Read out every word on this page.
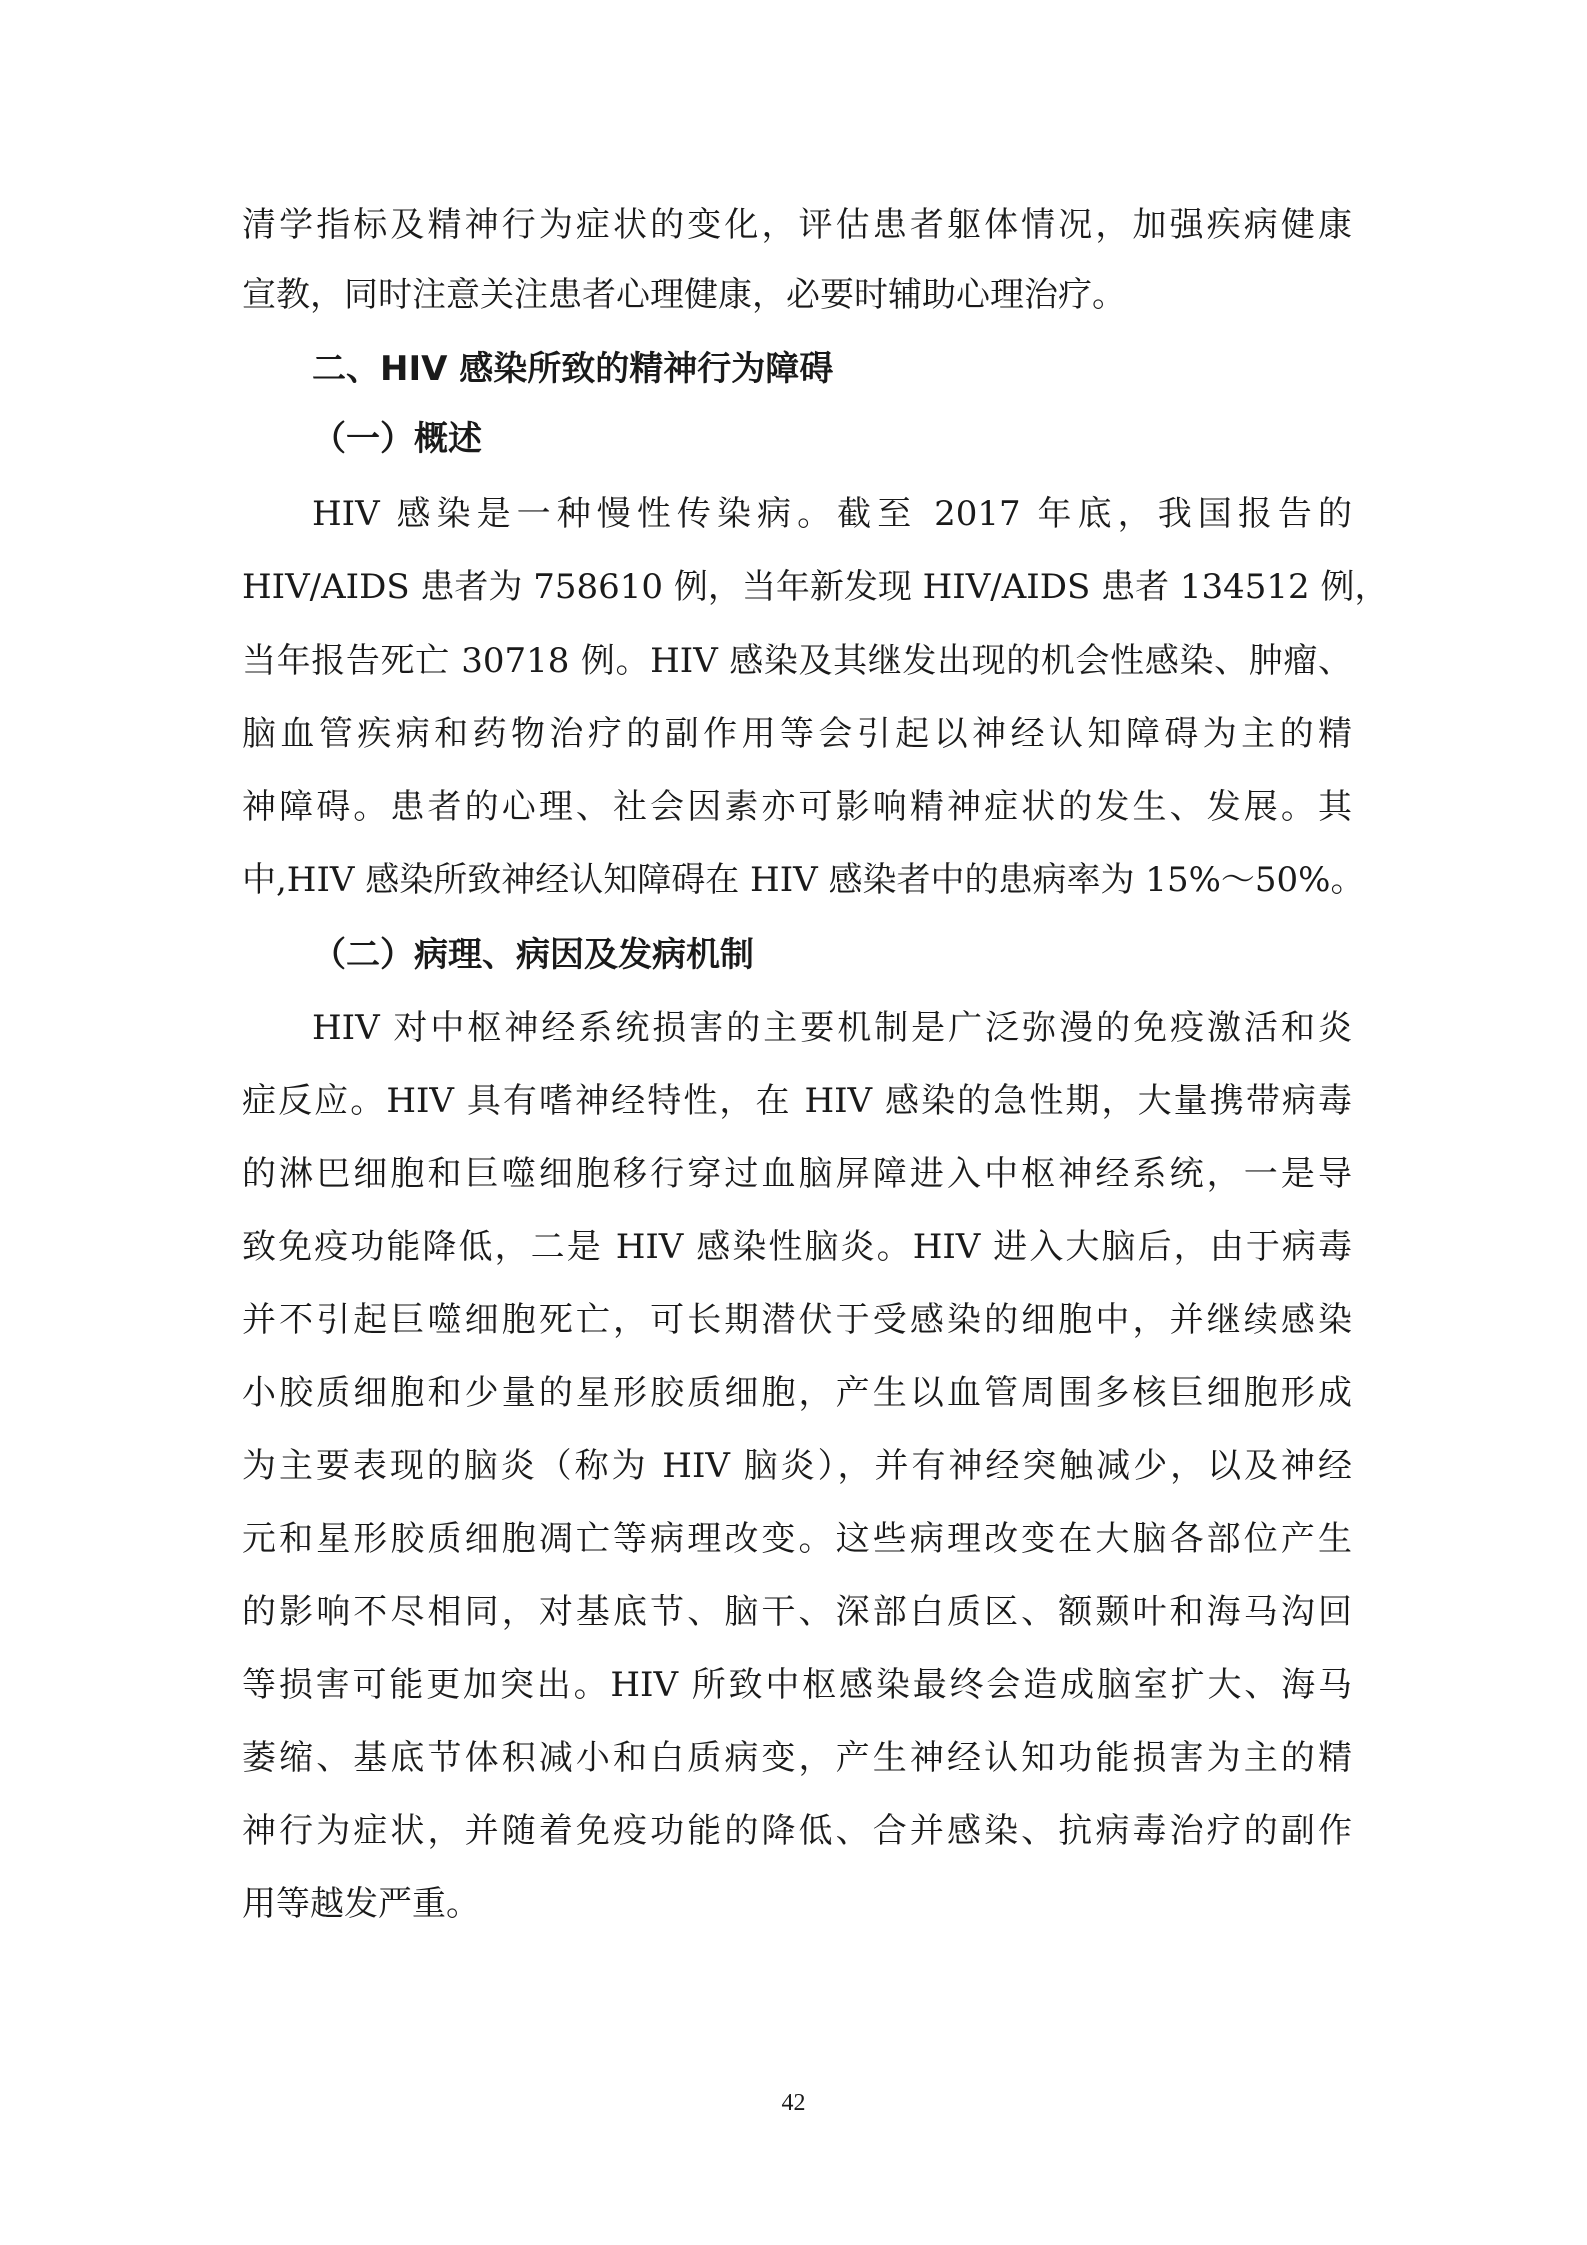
清学指标及精神行为症状的变化，评估患者躯体情况，加强疾病健康
宣教，同时注意关注患者心理健康，必要时辅助心理治疗。
二、HIV 感染所致的精神行为障碍
（一）概述
HIV 感染是一种慢性传染病。截至 2017 年底，我国报告的
HIV/AIDS 患者为 758610 例，当年新发现 HIV/AIDS 患者 134512 例，
当年报告死亡 30718 例。HIV 感染及其继发出现的机会性感染、肿瘤、
脑血管疾病和药物治疗的副作用等会引起以神经认知障碍为主的精
神障碍。患者的心理、社会因素亦可影响精神症状的发生、发展。其
中,HIV 感染所致神经认知障碍在 HIV 感染者中的患病率为 15%～50%。
（二）病理、病因及发病机制
HIV 对中枢神经系统损害的主要机制是广泛弥漫的免疫激活和炎
症反应。HIV 具有嗜神经特性，在 HIV 感染的急性期，大量携带病毒
的淋巴细胞和巨噬细胞移行穿过血脑屏障进入中枢神经系统，一是导
致免疫功能降低，二是 HIV 感染性脑炎。HIV 进入大脑后，由于病毒
并不引起巨噬细胞死亡，可长期潜伏于受感染的细胞中，并继续感染
小胶质细胞和少量的星形胶质细胞，产生以血管周围多核巨细胞形成
为主要表现的脑炎（称为 HIV 脑炎），并有神经突触减少，以及神经
元和星形胶质细胞凋亡等病理改变。这些病理改变在大脑各部位产生
的影响不尽相同，对基底节、脑干、深部白质区、额颞叶和海马沟回
等损害可能更加突出。HIV 所致中枢感染最终会造成脑室扩大、海马
萎缩、基底节体积减小和白质病变，产生神经认知功能损害为主的精
神行为症状，并随着免疫功能的降低、合并感染、抗病毒治疗的副作
用等越发严重。
42
